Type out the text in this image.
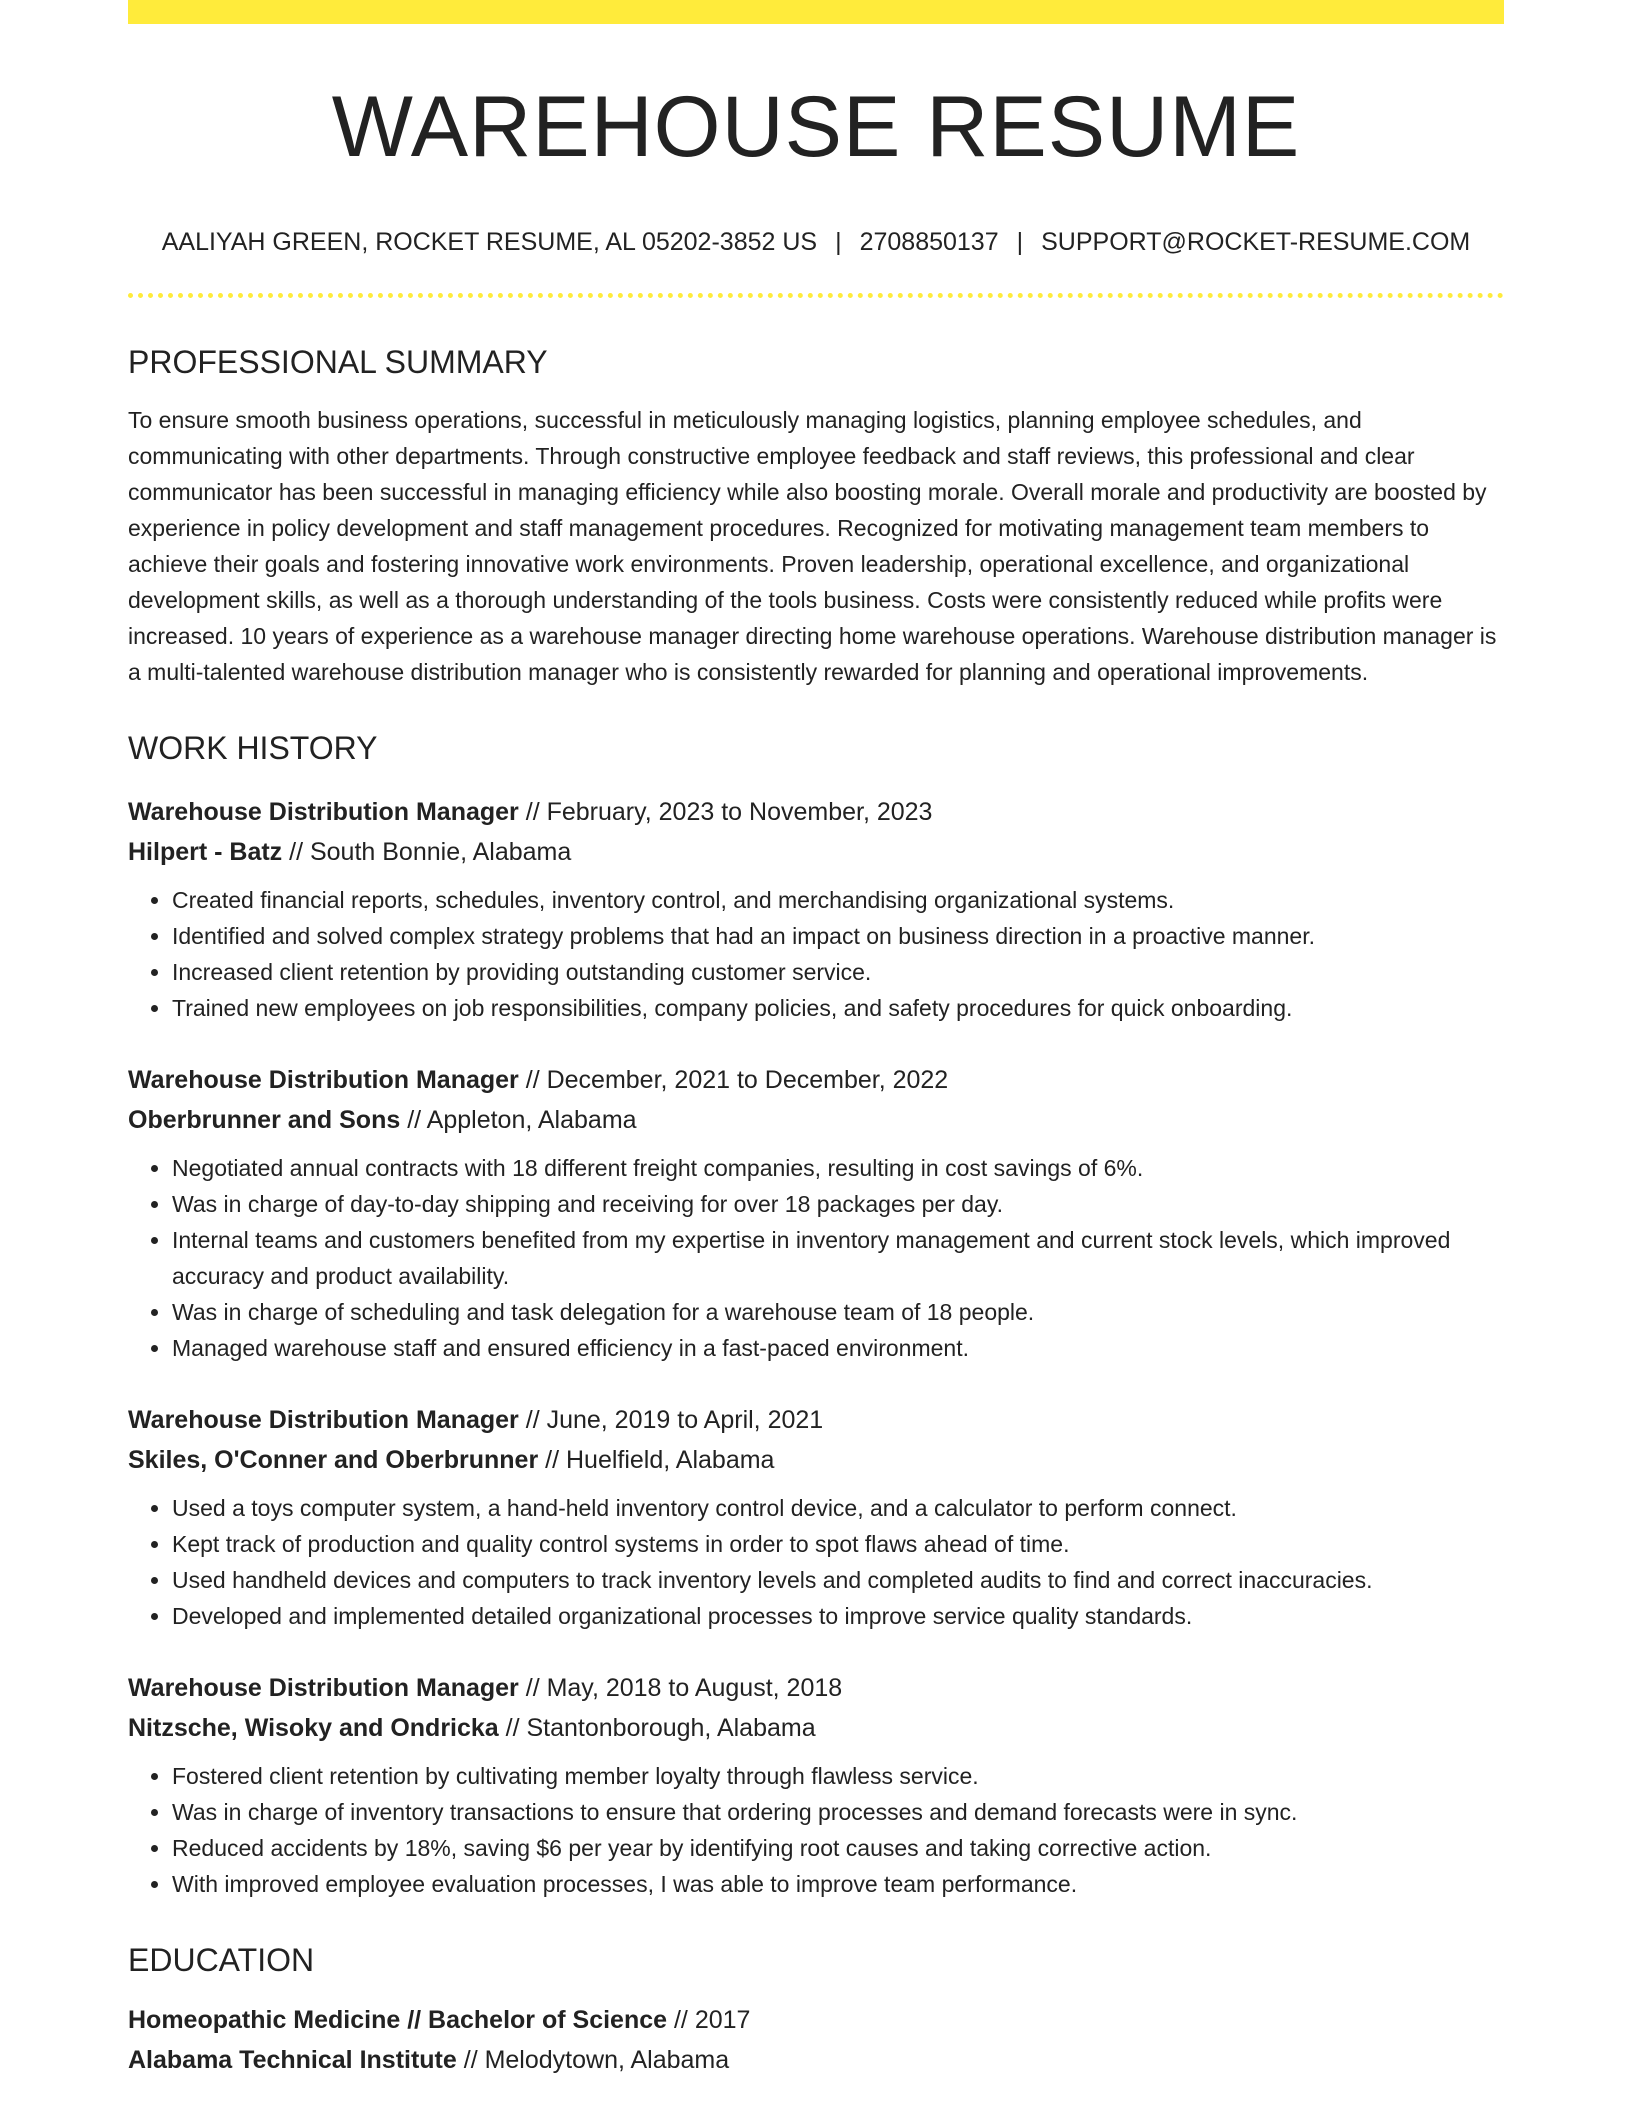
WAREHOUSE RESUME
AALIYAH GREEN, ROCKET RESUME, AL 05202-3852 US | 2708850137 | SUPPORT@ROCKET-RESUME.COM
PROFESSIONAL SUMMARY
To ensure smooth business operations, successful in meticulously managing logistics, planning employee schedules, and communicating with other departments. Through constructive employee feedback and staff reviews, this professional and clear communicator has been successful in managing efficiency while also boosting morale. Overall morale and productivity are boosted by experience in policy development and staff management procedures. Recognized for motivating management team members to achieve their goals and fostering innovative work environments. Proven leadership, operational excellence, and organizational development skills, as well as a thorough understanding of the tools business. Costs were consistently reduced while profits were increased. 10 years of experience as a warehouse manager directing home warehouse operations. Warehouse distribution manager is a multi-talented warehouse distribution manager who is consistently rewarded for planning and operational improvements.
WORK HISTORY
Warehouse Distribution Manager // February, 2023 to November, 2023
Hilpert - Batz // South Bonnie, Alabama
• Created financial reports, schedules, inventory control, and merchandising organizational systems.
• Identified and solved complex strategy problems that had an impact on business direction in a proactive manner.
• Increased client retention by providing outstanding customer service.
• Trained new employees on job responsibilities, company policies, and safety procedures for quick onboarding.
Warehouse Distribution Manager // December, 2021 to December, 2022
Oberbrunner and Sons // Appleton, Alabama
• Negotiated annual contracts with 18 different freight companies, resulting in cost savings of 6%.
• Was in charge of day-to-day shipping and receiving for over 18 packages per day.
• Internal teams and customers benefited from my expertise in inventory management and current stock levels, which improved accuracy and product availability.
• Was in charge of scheduling and task delegation for a warehouse team of 18 people.
• Managed warehouse staff and ensured efficiency in a fast-paced environment.
Warehouse Distribution Manager // June, 2019 to April, 2021
Skiles, O'Conner and Oberbrunner // Huelfield, Alabama
• Used a toys computer system, a hand-held inventory control device, and a calculator to perform connect.
• Kept track of production and quality control systems in order to spot flaws ahead of time.
• Used handheld devices and computers to track inventory levels and completed audits to find and correct inaccuracies.
• Developed and implemented detailed organizational processes to improve service quality standards.
Warehouse Distribution Manager // May, 2018 to August, 2018
Nitzsche, Wisoky and Ondricka // Stantonborough, Alabama
• Fostered client retention by cultivating member loyalty through flawless service.
• Was in charge of inventory transactions to ensure that ordering processes and demand forecasts were in sync.
• Reduced accidents by 18%, saving $6 per year by identifying root causes and taking corrective action.
• With improved employee evaluation processes, I was able to improve team performance.
EDUCATION
Homeopathic Medicine // Bachelor of Science // 2017
Alabama Technical Institute // Melodytown, Alabama
